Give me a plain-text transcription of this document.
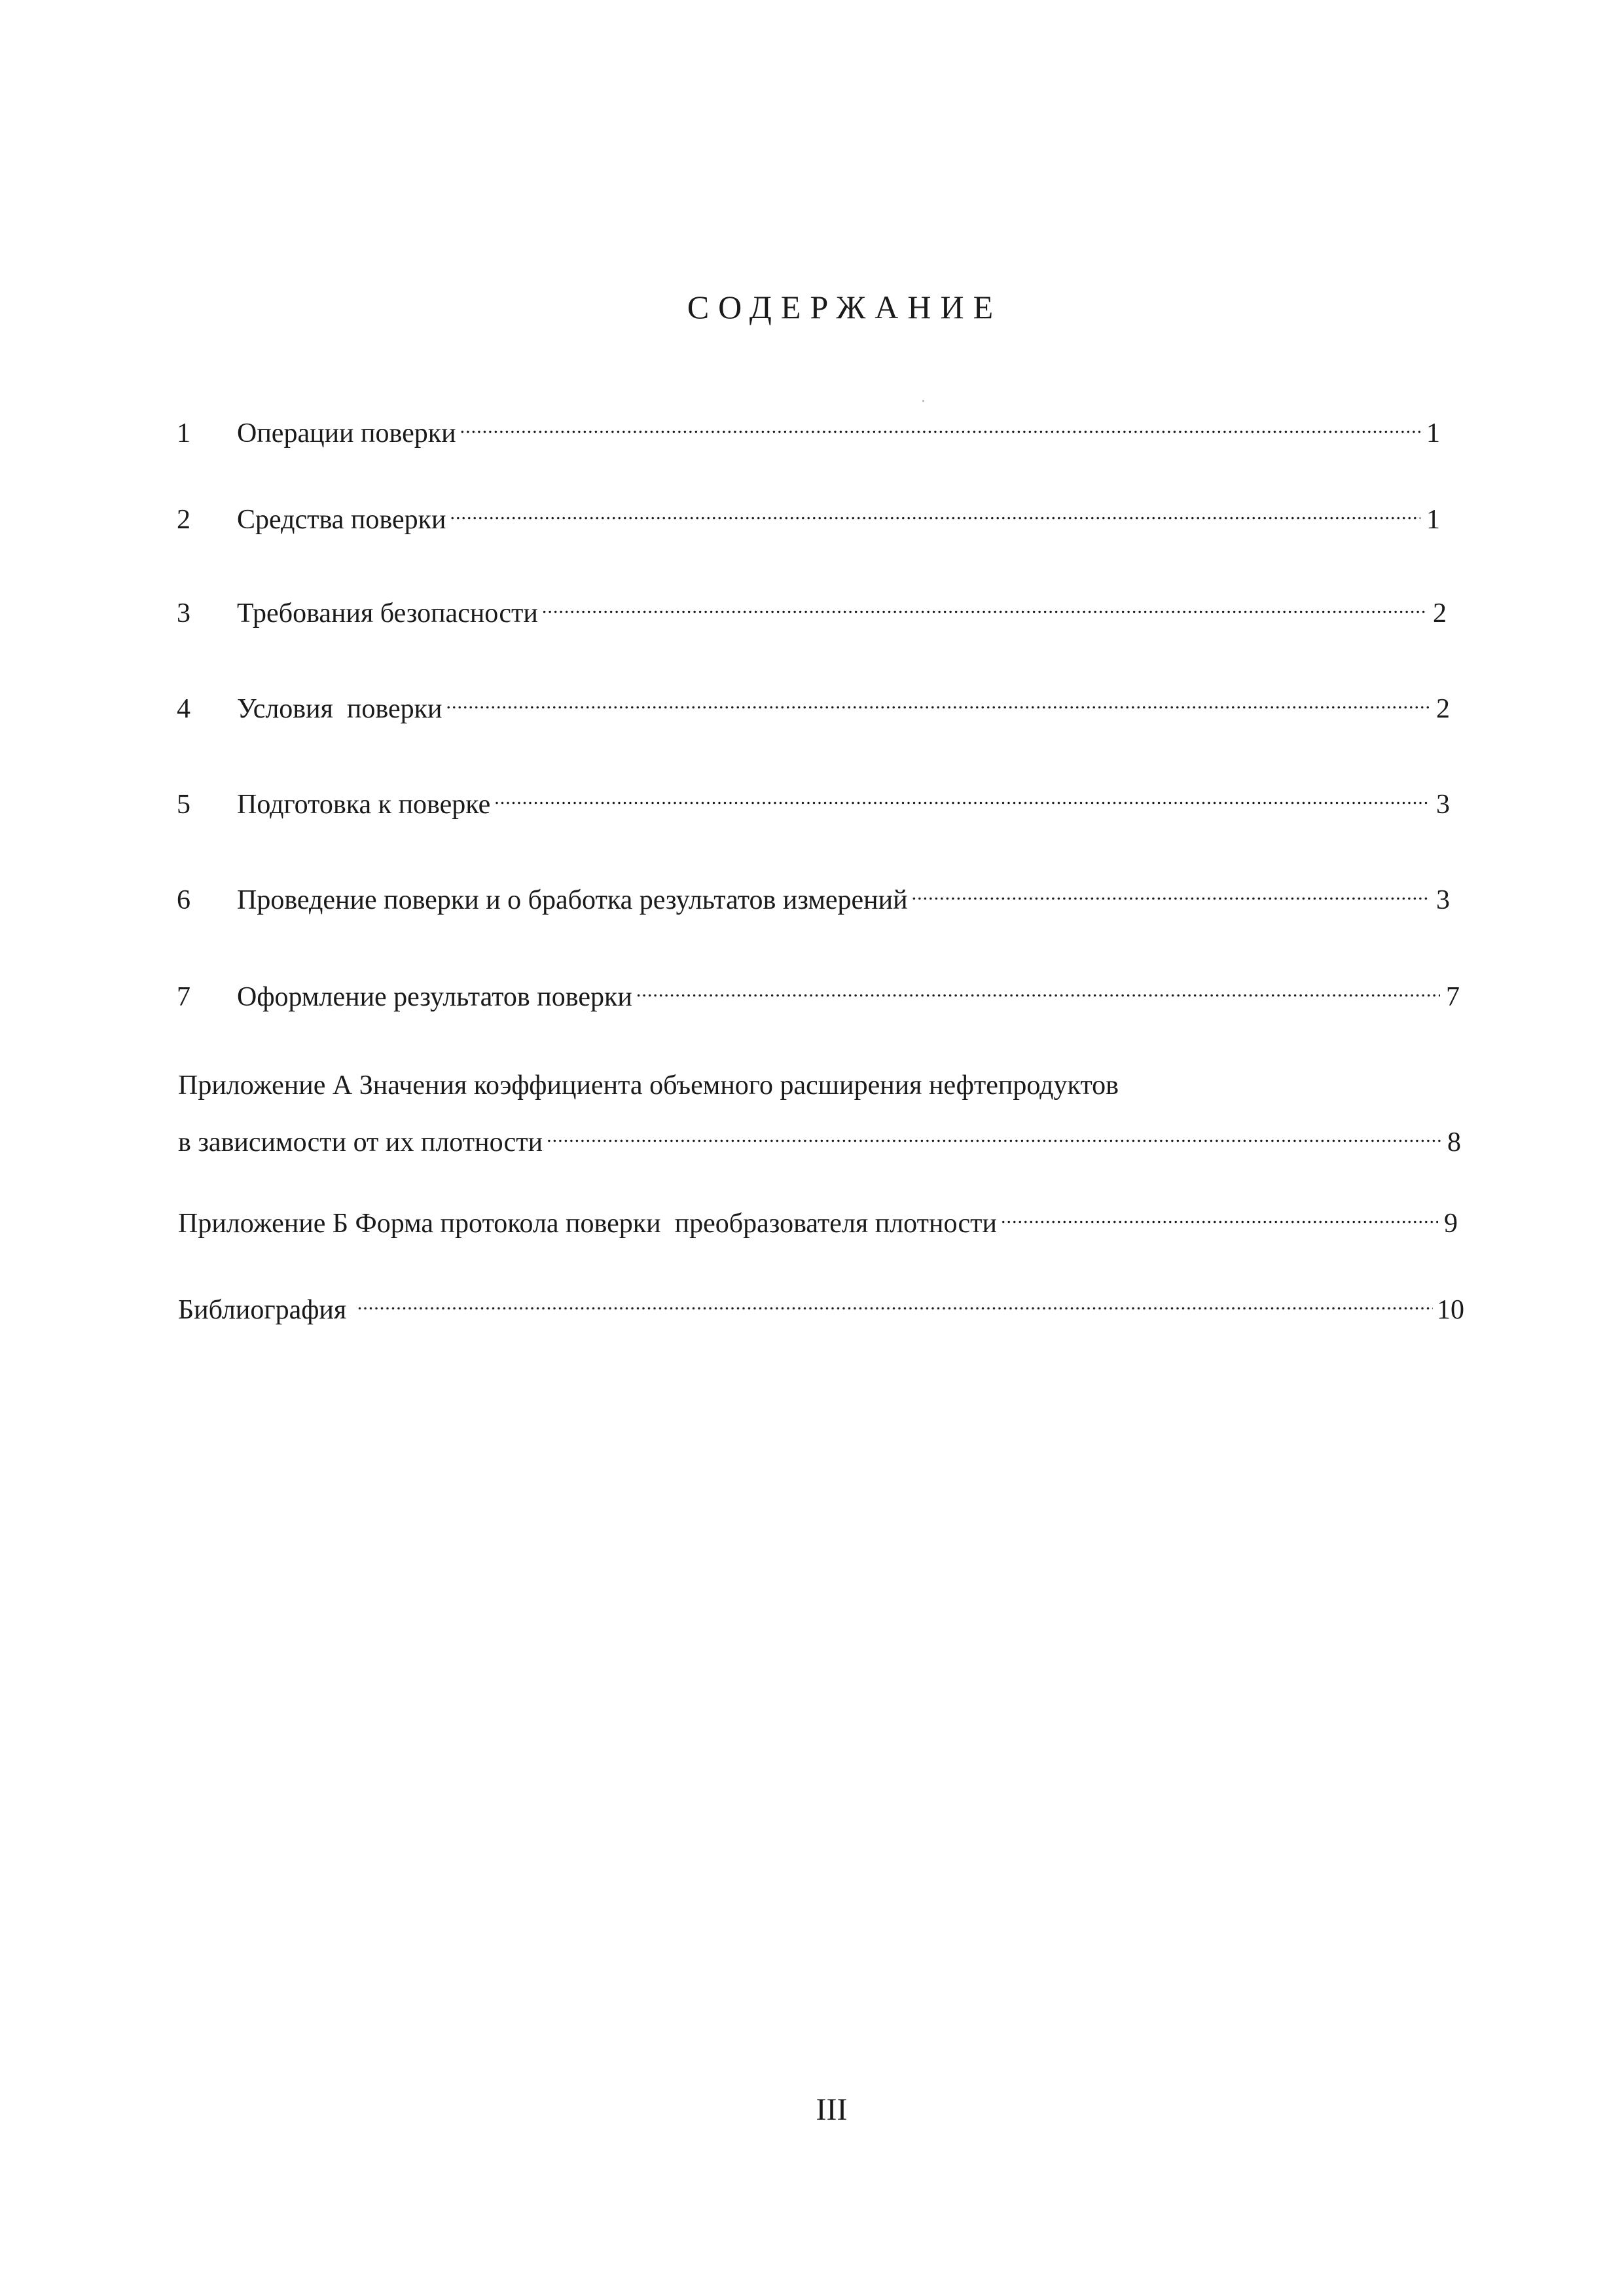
СОДЕРЖАНИЕ
1	Операции поверки .....	1
2	Средства поверки .....	1
3	Требования безопасности .....	2
4	Условия  поверки .....	2
5	Подготовка к поверке .....	3
6	Проведение поверки и о бработка результатов измерений .....	3
7	Оформление результатов поверки .....	7
Приложение А Значения коэффициента объемного расширения нефтепродуктов
в зависимости от их плотности .....	8
Приложение Б Форма протокола поверки  преобразователя плотности .....	9
Библиография .....	10
III
